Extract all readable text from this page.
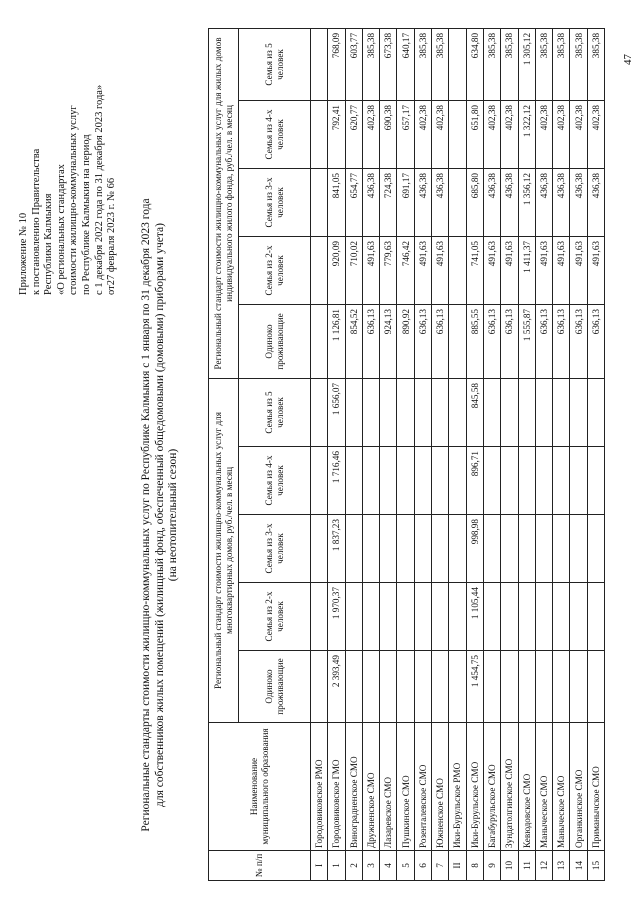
Приложение № 10 к постановлению Правительства Республики Калмыкия «О региональных стандартах стоимости жилищно-коммунальных услуг по Республике Калмыкия на период с 1 декабря 2022 года по 31 декабря 2023 года» от27 февраля 2023 г. № 66 Региональные стандарты стоимости жилищно-коммунальных услуг по Республике Калмыкия с 1 января по 31 декабря 2023 года для собственников жилых помещений (жилищный фонд, обеспеченный общедомовыми (домовыми) приборами учета) (на неотопительный сезон)
№ п/п	Наименование муниципального образования	Региональный стандарт стоимости жилищно-коммунальных услуг для многоквартирных домов, руб./чел. в месяц					Региональный стандарт стоимости жилищно-коммунальных услуг для жилых домов индивидуального жилого фонда, руб./чел. в месяц				
		Одиноко проживающие	Семья из 2-х человек	Семья из 3-х человек	Семья из 4-х человек	Семья из 5 человек	Одиноко проживающие	Семья из 2-х человек	Семья из 3-х человек	Семья из 4-х человек	Семья из 5 человек
I	Городовиковское РМО										
1	Городовиковское ГМО	2 393,49	1 970,37	1 837,23	1 716,46	1 656,07	1 126,81	920,09	841,05	792,41	768,09
2	Виноградненское СМО						854,52	710,02	654,77	620,77	603,77
3	Дружненское СМО						636,13	491,63	436,38	402,38	385,38
4	Лазаревское СМО						924,13	779,63	724,38	690,38	673,38
5	Пушкинское СМО						890,92	746,42	691,17	657,17	640,17
6	Розенталевское СМО						636,13	491,63	436,38	402,38	385,38
7	Южненское СМО						636,13	491,63	436,38	402,38	385,38
II	Ики-Бурульское РМО										
8	Ики-Бурульское СМО	1 454,75	1 105,44	998,98	896,71	845,58	885,55	741,05	685,80	651,80	634,80
9	Багабурульское СМО						636,13	491,63	436,38	402,38	385,38
10	Зундатолгинское СМО						636,13	491,63	436,38	402,38	385,38
11	Кевюдовское СМО						1 555,87	1 411,37	1 356,12	1 322,12	1 305,12
12	Маныческое СМО						636,13	491,63	436,38	402,38	385,38
13	Маныческое СМО						636,13	491,63	436,38	402,38	385,38
14	Органкинское СМО						636,13	491,63	436,38	402,38	385,38
15	Приманычское СМО						636,13	491,63	436,38	402,38	385,38
47
